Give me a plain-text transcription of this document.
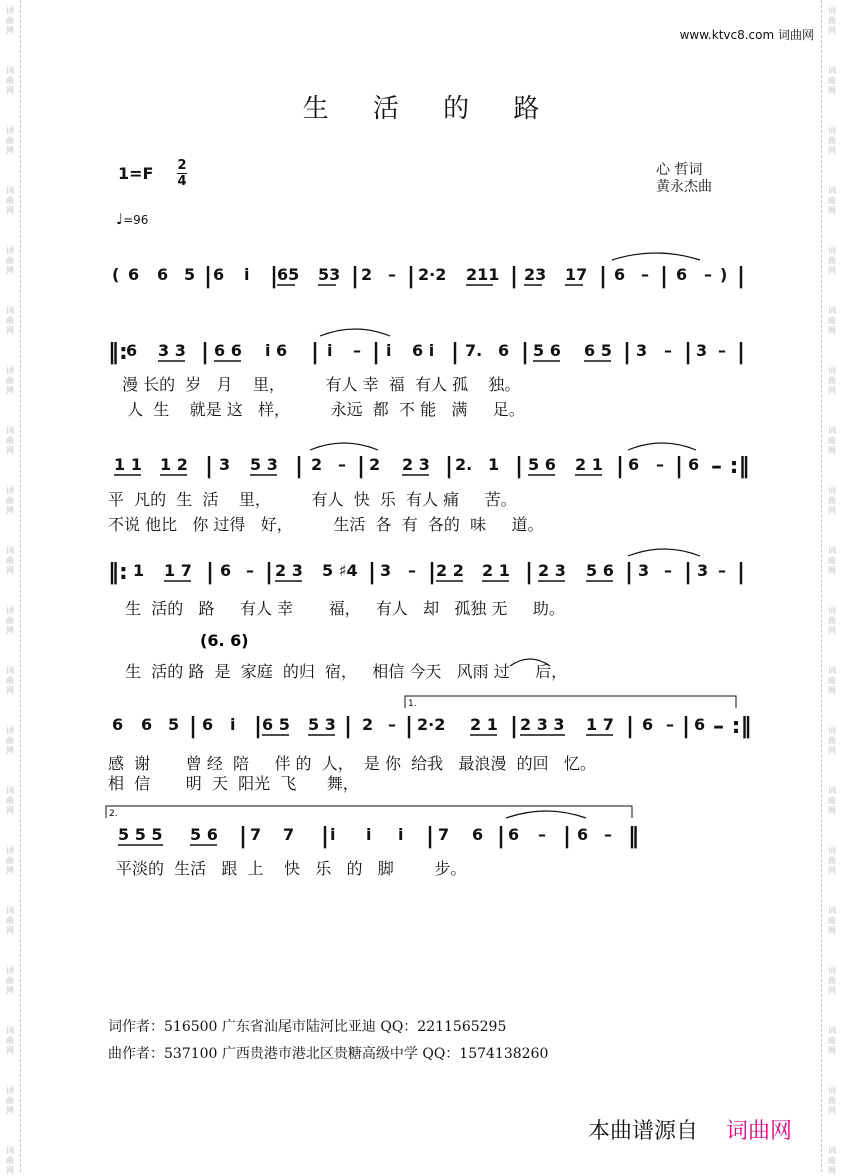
词
曲
网
词
曲
网
词
曲
网
词
曲
网
词
曲
网
词
曲
网
词
曲
网
词
曲
网
词
曲
网
词
曲
网
词
曲
网
词
曲
网
词
曲
网
词
曲
网
词
曲
网
词
曲
网
词
曲
网
词
曲
网
词
曲
网
词
曲
网
词
曲
网
词
曲
网
词
曲
网
词
曲
网
词
曲
网
词
曲
网
词
曲
网
词
曲
网
词
曲
网
词
曲
网
词
曲
网
词
曲
网
词
曲
网
词
曲
网
词
曲
网
词
曲
网
词
曲
网
词
曲
网
词
曲
网
词
曲
网
www.ktvc8.com 词曲网
生 活 的 路
1=F 2
4
心 哲词
黄永杰曲
♩=96
( 6 6 5 | 6 i |
65 53 | 2 – | 2·2 211 | 23 17 | 6 – | 6 – ) |
‖:
6 3 3 | 6 6 i 6 | i – | i 6 i | 7. 6 | 5 6 6 5 | 3 – | 3 – |
1 1 1 2 | 3 5 3 | 2 – | 2 2 3 | 2. 1 | 5 6 2 1 | 6 – | 6 – :‖
‖: 1 1 7 | 6 – | 2 3 5 ♯4 | 3 – | 2 2 2 1 | 2 3 5 6 | 3 – | 3 – |
(6. 6)
6 6 5 | 6 i | 6 5 5 3 | 2 – | 2·2 2 1 | 2 3 3 1 7 | 6 – | 6 – :‖
1.
5 5 5 5 6 | 7 7 | i i i | 7 6 | 6 – | 6 – ‖
2.
漫 长的  岁   月    里，        有人 幸  福  有人 孤    独。
人  生    就是 这   样，        永远  都  不 能   满     足。
平  凡的  生  活    里，        有人  快  乐  有人 痛     苦。
不说 他比   你 过得   好，        生活  各  有  各的  味     道。
生  活的   路     有人 幸       福，   有人   却   孤独 无     助。
生  活的 路  是  家庭  的归  宿，   相信 今天   风雨 过     后，
感  谢       曾 经  陪     伴 的  人，  是 你  给我   最浪漫  的回   忆。
相  信       明  天  阳光  飞      舞，
平淡的  生活   跟  上    快   乐   的   脚        步。
词作者：516500 广东省汕尾市陆河比亚迪 QQ：2211565295
曲作者：537100 广西贵港市港北区贵糖高级中学 QQ：1574138260
本曲谱源自 词曲网
